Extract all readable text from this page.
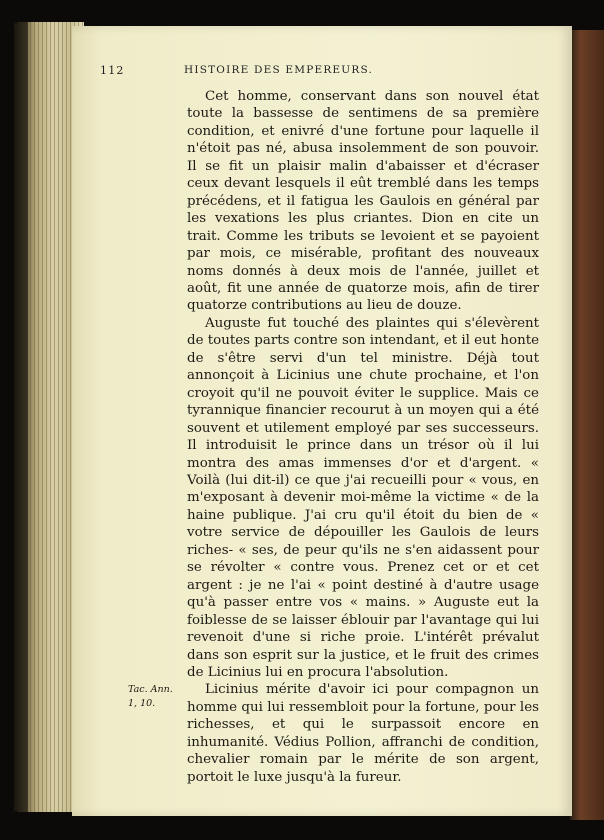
112	HISTOIRE DES EMPEREURS.

Cet homme, conservant dans son nouvel état toute la bassesse de sentimens de sa première condition, et enivré d'une fortune pour laquelle il n'étoit pas né, abusa insolemment de son pouvoir. Il se fit un plaisir malin d'abaisser et d'écraser ceux devant lesquels il eût tremblé dans les temps précédens, et il fatigua les Gaulois en général par les vexations les plus criantes. Dion en cite un trait. Comme les tributs se levoient et se payoient par mois, ce misérable, profitant des nouveaux noms donnés à deux mois de l'année, juillet et août, fit une année de quatorze mois, afin de tirer quatorze contributions au lieu de douze.

Auguste fut touché des plaintes qui s'élevèrent de toutes parts contre son intendant, et il eut honte de s'être servi d'un tel ministre. Déjà tout annonçoit à Licinius une chute prochaine, et l'on croyoit qu'il ne pouvoit éviter le supplice. Mais ce tyrannique financier recourut à un moyen qui a été souvent et utilement employé par ses successeurs. Il introduisit le prince dans un trésor où il lui montra des amas immenses d'or et d'argent. « Voilà (lui dit-il) ce que j'ai recueilli pour « vous, en m'exposant à devenir moi-même la victime « de la haine publique. J'ai cru qu'il étoit du bien de « votre service de dépouiller les Gaulois de leurs riches- « ses, de peur qu'ils ne s'en aidassent pour se révolter « contre vous. Prenez cet or et cet argent : je ne l'ai « point destiné à d'autre usage qu'à passer entre vos « mains. » Auguste eut la foiblesse de se laisser éblouir par l'avantage qui lui revenoit d'une si riche proie. L'intérêt prévalut dans son esprit sur la justice, et le fruit des crimes de Licinius lui en procura l'absolution.

Licinius mérite d'avoir ici pour compagnon un homme qui lui ressembloit pour la fortune, pour les richesses, et qui le surpassoit encore en inhumanité. Védius Pollion, affranchi de condition, chevalier romain par le mérite de son argent, portoit le luxe jusqu'à la fureur.

Tac. Ann.
1, 10.
